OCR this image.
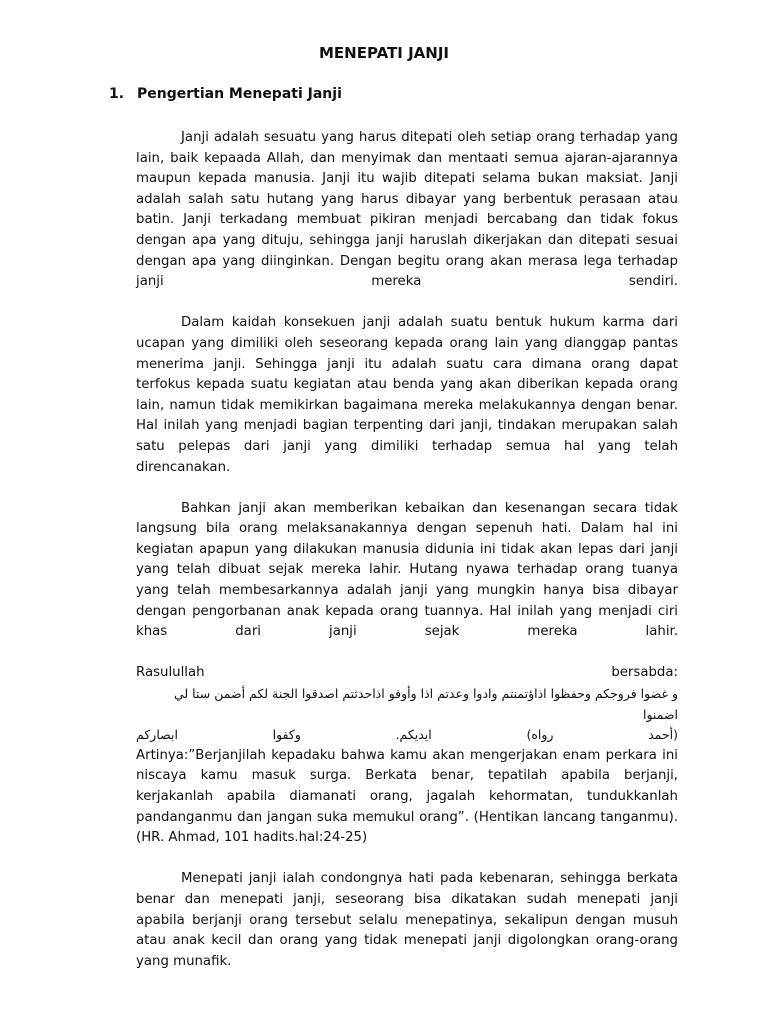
MENEPATI JANJI
1. Pengertian Menepati Janji

Janji adalah sesuatu yang harus ditepati oleh setiap orang terhadap yang lain, baik kepaada Allah, dan menyimak dan mentaati semua ajaran-ajarannya maupun kepada manusia. Janji itu wajib ditepati selama bukan maksiat. Janji adalah salah satu hutang yang harus dibayar yang berbentuk perasaan atau batin. Janji terkadang membuat pikiran menjadi bercabang dan tidak fokus dengan apa yang dituju, sehingga janji haruslah dikerjakan dan ditepati sesuai dengan apa yang diinginkan. Dengan begitu orang akan merasa lega terhadap janji mereka sendiri.

Dalam kaidah konsekuen janji adalah suatu bentuk hukum karma dari ucapan yang dimiliki oleh seseorang kepada orang lain yang dianggap pantas menerima janji. Sehingga janji itu adalah suatu cara dimana orang dapat terfokus kepada suatu kegiatan atau benda yang akan diberikan kepada orang lain, namun tidak memikirkan bagaimana mereka melakukannya dengan benar. Hal inilah yang menjadi bagian terpenting dari janji, tindakan merupakan salah satu pelepas dari janji yang dimiliki terhadap semua hal yang telah direncanakan.

Bahkan janji akan memberikan kebaikan dan kesenangan secara tidak langsung bila orang melaksanakannya dengan sepenuh hati. Dalam hal ini kegiatan apapun yang dilakukan manusia didunia ini tidak akan lepas dari janji yang telah dibuat sejak mereka lahir. Hutang nyawa terhadap orang tuanya yang telah membesarkannya adalah janji yang mungkin hanya bisa dibayar dengan pengorbanan anak kepada orang tuannya. Hal inilah yang menjadi ciri khas dari janji sejak mereka lahir.

Rasulullah	bersabda:

و غضوا فروجكم وحفظوا اذاؤتمنتم وادوا وعدتم اذا وأوفو اذاحدثتم اصدقوا الجنة لكم أضمن ستا لي اضمنوا

(أحمد
رواه)
ايديكم.
وكفوا
ابصاركم

Artinya:”Berjanjilah kepadaku bahwa kamu akan mengerjakan enam perkara ini niscaya kamu masuk surga. Berkata benar, tepatilah apabila berjanji, kerjakanlah apabila diamanati orang, jagalah kehormatan, tundukkanlah pandanganmu dan jangan suka memukul orang”. (Hentikan lancang tanganmu).(HR. Ahmad, 101 hadits.hal:24-25)

Menepati janji ialah condongnya hati pada kebenaran, sehingga berkata benar dan menepati janji, seseorang bisa dikatakan sudah menepati janji apabila berjanji orang tersebut selalu menepatinya, sekalipun dengan musuh atau anak kecil dan orang yang tidak menepati janji digolongkan orang-orang yang munafik.
